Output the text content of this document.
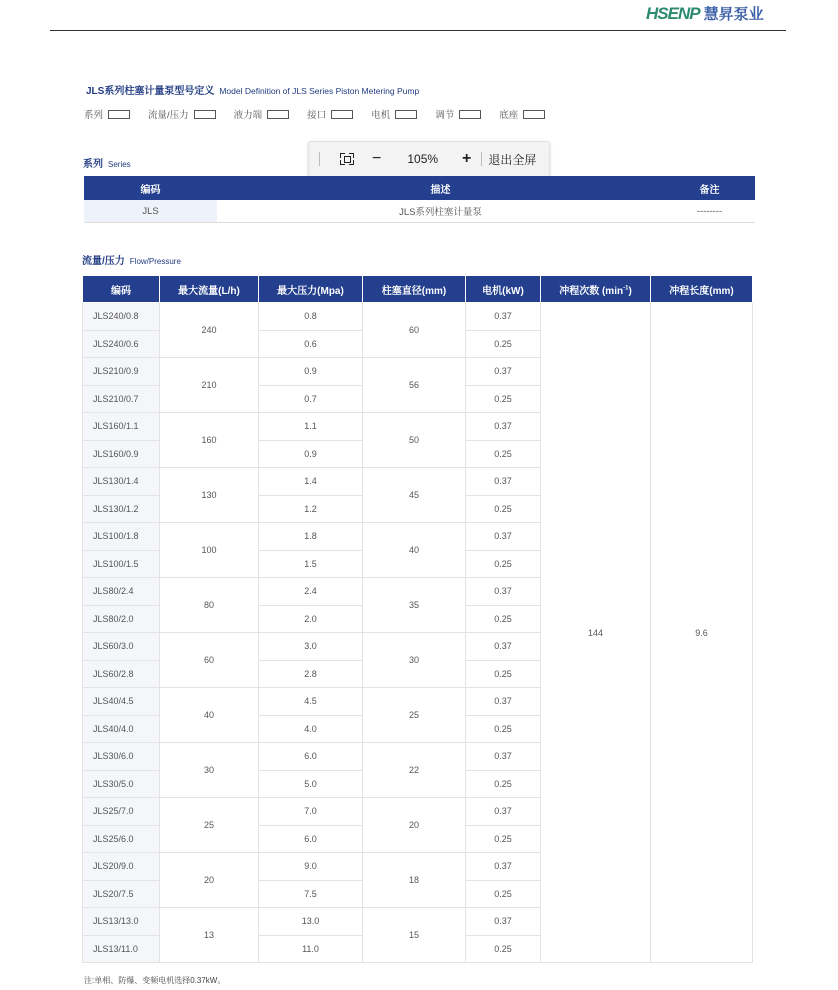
HSENP 慧昇泵业
JLS系列柱塞计量泵型号定义 Model Definition of JLS Series Piston Metering Pump
系列	流量/压力	液力端	接口	电机	调节	底座
系列 Series	− 105% + 退出全屏
编码	描述	备注
JLS	JLS系列柱塞计量泵	--------
流量/压力 Flow/Pressure
编码	最大流量(L/h)	最大压力(Mpa)	柱塞直径(mm)	电机(kW)	冲程次数 $(\min^{-1})$	冲程长度(mm)
JLS240/0.8	240	0.8	60	0.37	144	9.6
JLS240/0.6		0.6		0.25		
JLS210/0.9	210	0.9	56	0.37		
JLS210/0.7		0.7		0.25		
JLS160/1.1	160	1.1	50	0.37		
JLS160/0.9		0.9		0.25		
JLS130/1.4	130	1.4	45	0.37		
JLS130/1.2		1.2		0.25		
JLS100/1.8	100	1.8	40	0.37		
JLS100/1.5		1.5		0.25		
JLS80/2.4	80	2.4	35	0.37		
JLS80/2.0		2.0		0.25		
JLS60/3.0	60	3.0	30	0.37		
JLS60/2.8		2.8		0.25		
JLS40/4.5	40	4.5	25	0.37		
JLS40/4.0		4.0		0.25		
JLS30/6.0	30	6.0	22	0.37		
JLS30/5.0		5.0		0.25		
JLS25/7.0	25	7.0	20	0.37		
JLS25/6.0		6.0		0.25		
JLS20/9.0	20	9.0	18	0.37		
JLS20/7.5		7.5		0.25		
JLS13/13.0	13	13.0	15	0.37		
JLS13/11.0		11.0		0.25		
注:单相、防爆、变频电机选择0.37kW。
